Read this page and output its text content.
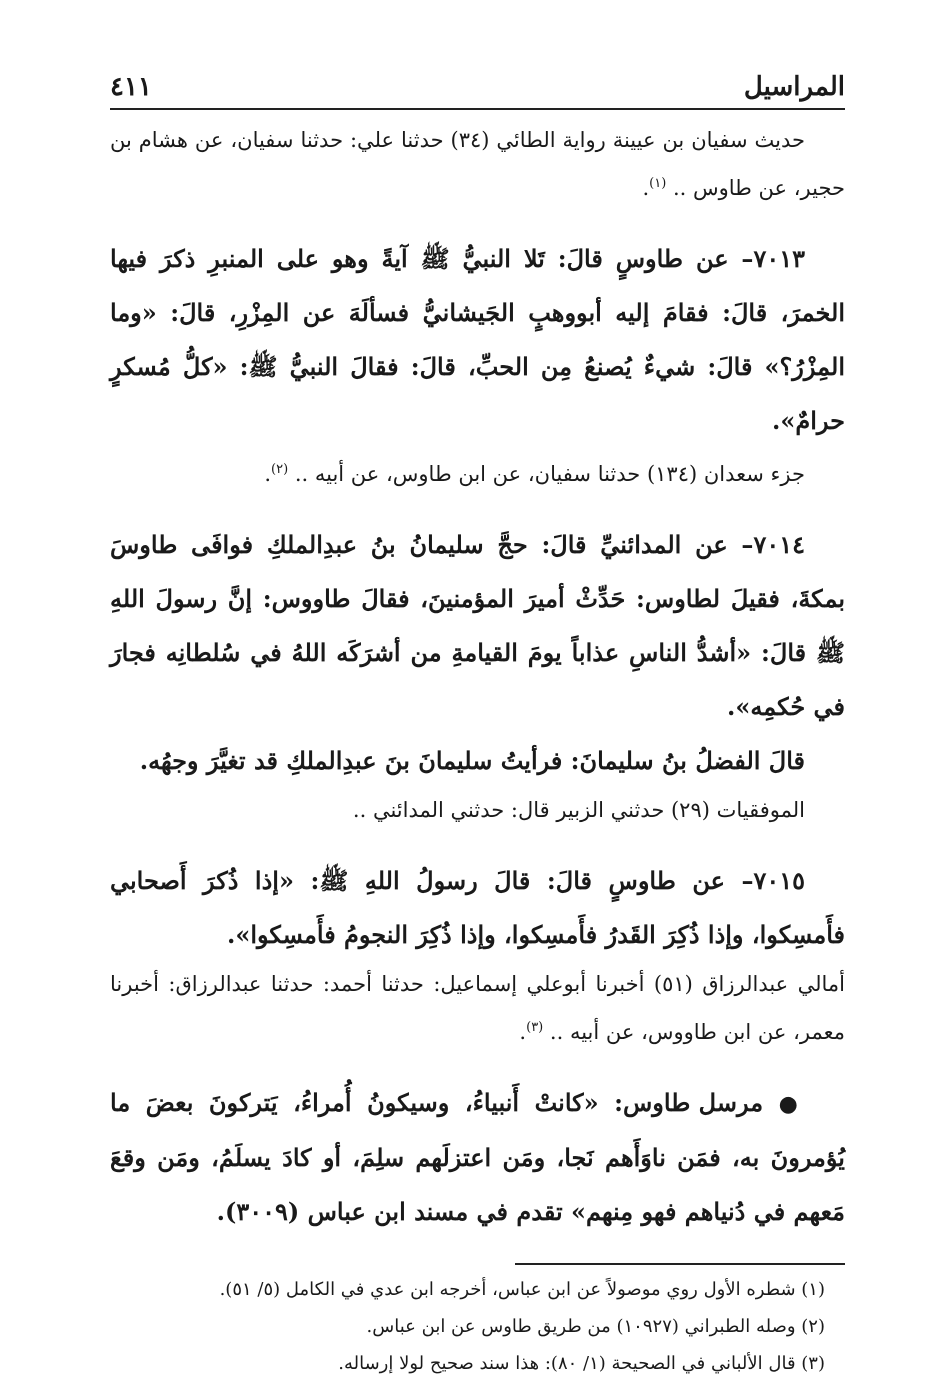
المراسيل
٤١١

حديث سفيان بن عيينة رواية الطائي (٣٤) حدثنا علي: حدثنا سفيان، عن هشام بن حجير، عن طاوس .. $^{(١)}$.

٧٠١٣– عن طاوسٍ قالَ: تَلا النبيُّ ﷺ آيةً وهو على المنبرِ ذكرَ فيها الخمرَ، قالَ: فقامَ إليه أبووهبٍ الجَيشانيُّ فسألَهَ عن المِزْرِ، قالَ: «وما المِزْرُ؟» قالَ: شيءٌ يُصنعُ مِن الحبِّ، قالَ: فقالَ النبيُّ ﷺ: «كلُّ مُسكرٍ حرامٌ».

جزء سعدان (١٣٤) حدثنا سفيان، عن ابن طاوس، عن أبيه .. $^{(٢)}$.

٧٠١٤– عن المدائنيِّ قالَ: حجَّ سليمانُ بنُ عبدِالملكِ فوافَى طاوسَ بمكةَ، فقيلَ لطاوس: حَدِّثْ أميرَ المؤمنينَ، فقالَ طاووس: إنَّ رسولَ اللهِ ﷺ قالَ: «أشدُّ الناسِ عذاباً يومَ القيامةِ من أشرَكَه اللهُ في سُلطانِه فجارَ في حُكمِه».

قالَ الفضلُ بنُ سليمانَ: فرأيتُ سليمانَ بنَ عبدِالملكِ قد تغيَّرَ وجهُه.

الموفقيات (٢٩) حدثني الزبير قال: حدثني المدائني ..

٧٠١٥– عن طاوسٍ قالَ: قالَ رسولُ اللهِ ﷺ: «إذا ذُكرَ أَصحابي فأَمسِكوا، وإذا ذُكِرَ القَدرُ فأَمسِكوا، وإذا ذُكِرَ النجومُ فأَمسِكوا».

أمالي عبدالرزاق (٥١) أخبرنا أبوعلي إسماعيل: حدثنا أحمد: حدثنا عبدالرزاق: أخبرنا معمر، عن ابن طاووس، عن أبيه .. $^{(٣)}$.

● مرسل طاوس: «كانتْ أَنبياءُ، وسيكونُ أُمراءُ، يَتركونَ بعضَ ما يُؤمرونَ به، فمَن ناوَأَهم نَجا، ومَن اعتزلَهم سلِمَ، أو كادَ يسلَمُ، ومَن وقعَ مَعهم في دُنياهم فهو مِنهم» تقدم في مسند ابن عباس (٣٠٠٩).

(١) شطره الأول روي موصولاً عن ابن عباس، أخرجه ابن عدي في الكامل (٥/ ٥١).

(٢) وصله الطبراني (١٠٩٢٧) من طريق طاوس عن ابن عباس.

(٣) قال الألباني في الصحيحة (١/ ٨٠): هذا سند صحيح لولا إرساله.
